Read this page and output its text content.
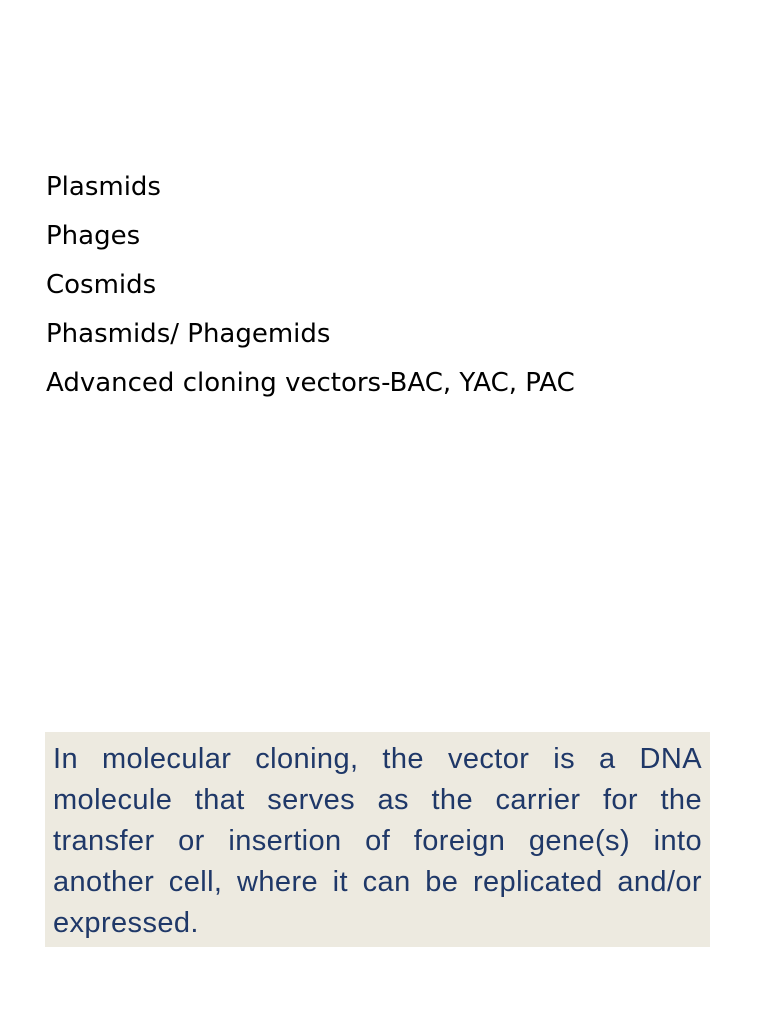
Plasmids
Phages
Cosmids
Phasmids/ Phagemids
Advanced cloning vectors-BAC, YAC, PAC

In molecular cloning, the vector is a DNA molecule that serves as the carrier for the transfer or insertion of foreign gene(s) into another cell, where it can be replicated and/or expressed.
